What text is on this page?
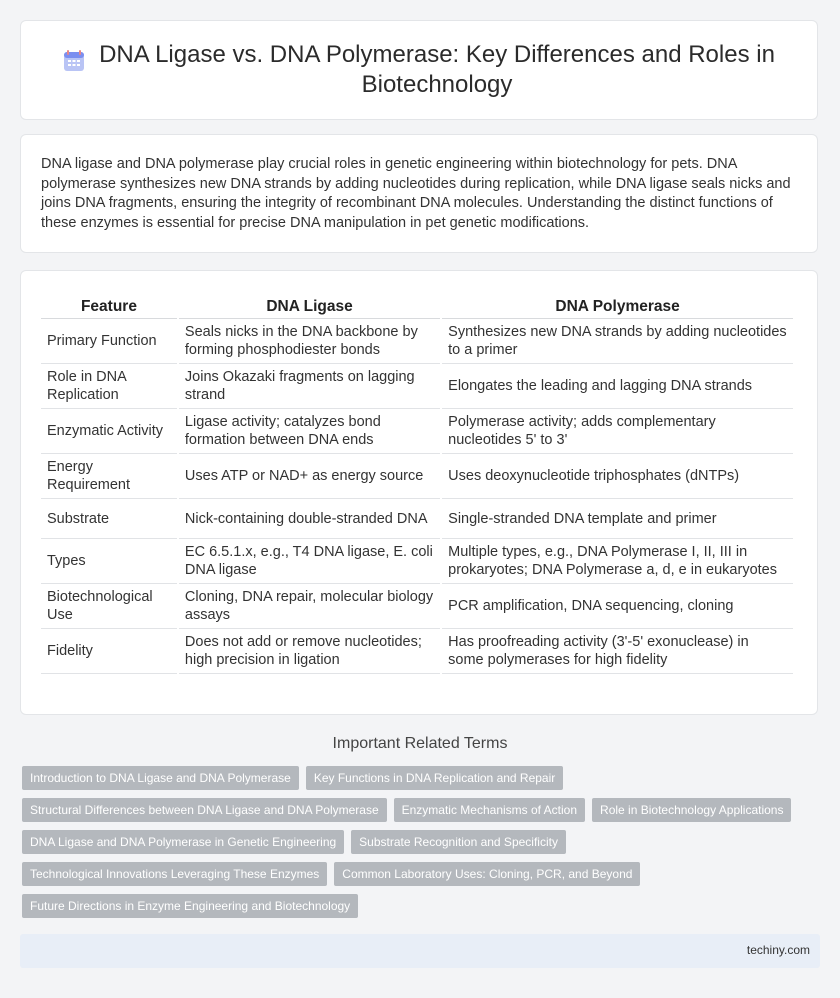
DNA Ligase vs. DNA Polymerase: Key Differences and Roles in Biotechnology

DNA ligase and DNA polymerase play crucial roles in genetic engineering within biotechnology for pets. DNA polymerase synthesizes new DNA strands by adding nucleotides during replication, while DNA ligase seals nicks and joins DNA fragments, ensuring the integrity of recombinant DNA molecules. Understanding the distinct functions of these enzymes is essential for precise DNA manipulation in pet genetic modifications.

Feature	DNA Ligase	DNA Polymerase
Primary Function	Seals nicks in the DNA backbone by forming phosphodiester bonds	Synthesizes new DNA strands by adding nucleotides to a primer
Role in DNA Replication	Joins Okazaki fragments on lagging strand	Elongates the leading and lagging DNA strands
Enzymatic Activity	Ligase activity; catalyzes bond formation between DNA ends	Polymerase activity; adds complementary nucleotides 5' to 3'
Energy Requirement	Uses ATP or NAD+ as energy source	Uses deoxynucleotide triphosphates (dNTPs)
Substrate	Nick-containing double-stranded DNA	Single-stranded DNA template and primer
Types	EC 6.5.1.x, e.g., T4 DNA ligase, E. coli DNA ligase	Multiple types, e.g., DNA Polymerase I, II, III in prokaryotes; DNA Polymerase a, d, e in eukaryotes
Biotechnological Use	Cloning, DNA repair, molecular biology assays	PCR amplification, DNA sequencing, cloning
Fidelity	Does not add or remove nucleotides; high precision in ligation	Has proofreading activity (3'-5' exonuclease) in some polymerases for high fidelity
Important Related Terms
Introduction to DNA Ligase and DNA Polymerase	Key Functions in DNA Replication and Repair
Structural Differences between DNA Ligase and DNA Polymerase	Enzymatic Mechanisms of Action	Role in Biotechnology Applications
DNA Ligase and DNA Polymerase in Genetic Engineering	Substrate Recognition and Specificity
Technological Innovations Leveraging These Enzymes	Common Laboratory Uses: Cloning, PCR, and Beyond
Future Directions in Enzyme Engineering and Biotechnology
techiny.com
